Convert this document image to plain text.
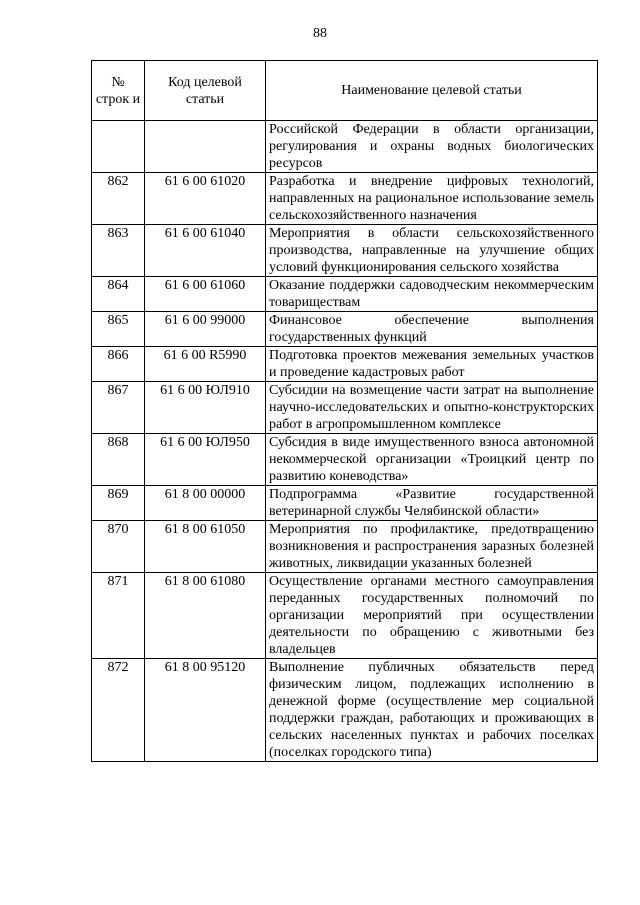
88
№ строк и	Код целевой статьи	Наименование целевой статьи
		Российской Федерации в области организации, регулирования и охраны водных биологических ресурсов
862	61 6 00 61020	Разработка и внедрение цифровых технологий, направленных на рациональное использование земель сельскохозяйственного назначения
863	61 6 00 61040	Мероприятия в области сельскохозяйственного производства, направленные на улучшение общих условий функционирования сельского хозяйства
864	61 6 00 61060	Оказание поддержки садоводческим некоммерческим товариществам
865	61 6 00 99000	Финансовое обеспечение выполнения государственных функций
866	61 6 00 R5990	Подготовка проектов межевания земельных участков и проведение кадастровых работ
867	61 6 00 ЮЛ910	Субсидии на возмещение части затрат на выполнение научно-исследовательских и опытно-конструкторских работ в агропромышленном комплексе
868	61 6 00 ЮЛ950	Субсидия в виде имущественного взноса автономной некоммерческой организации «Троицкий центр по развитию коневодства»
869	61 8 00 00000	Подпрограмма «Развитие государственной ветеринарной службы Челябинской области»
870	61 8 00 61050	Мероприятия по профилактике, предотвращению возникновения и распространения заразных болезней животных, ликвидации указанных болезней
871	61 8 00 61080	Осуществление органами местного самоуправления переданных государственных полномочий по организации мероприятий при осуществлении деятельности по обращению с животными без владельцев
872	61 8 00 95120	Выполнение публичных обязательств перед физическим лицом, подлежащих исполнению в денежной форме (осуществление мер социальной поддержки граждан, работающих и проживающих в сельских населенных пунктах и рабочих поселках (поселках городского типа)
